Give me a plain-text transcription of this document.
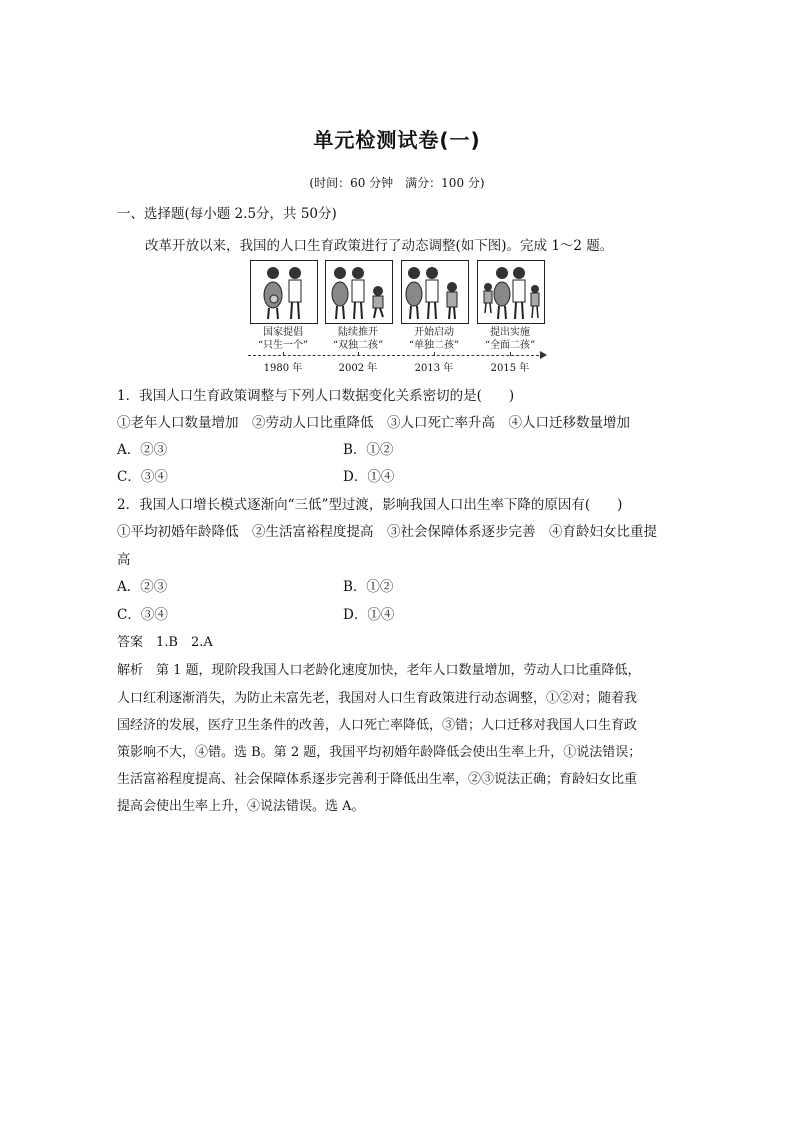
单元检测试卷(一)
(时间：60 分钟　满分：100 分)
一、选择题(每小题 2.5分，共 50分)
改革开放以来，我国的人口生育政策进行了动态调整(如下图)。完成 1～2 题。
国家提倡
“只生一个”
陆续推开
“双独二孩”
开始启动
“单独二孩”
提出实施
“全面二孩”
1980 年	2002 年	2013 年	2015 年
1．我国人口生育政策调整与下列人口数据变化关系密切的是(　　)
①老年人口数量增加　②劳动人口比重降低　③人口死亡率升高　④人口迁移数量增加
A．②③	B．①②
C．③④	D．①④
2．我国人口增长模式逐渐向“三低”型过渡，影响我国人口出生率下降的原因有(　　)
①平均初婚年龄降低　②生活富裕程度提高　③社会保障体系逐步完善　④育龄妇女比重提
高
A．②③	B．①②
C．③④	D．①④
答案　1.B　2.A
解析　第 1 题，现阶段我国人口老龄化速度加快，老年人口数量增加，劳动人口比重降低，
人口红利逐渐消失，为防止未富先老，我国对人口生育政策进行动态调整，①②对；随着我
国经济的发展，医疗卫生条件的改善，人口死亡率降低，③错；人口迁移对我国人口生育政
策影响不大，④错。选 B。第 2 题，我国平均初婚年龄降低会使出生率上升，①说法错误；
生活富裕程度提高、社会保障体系逐步完善利于降低出生率，②③说法正确；育龄妇女比重
提高会使出生率上升，④说法错误。选 A。
